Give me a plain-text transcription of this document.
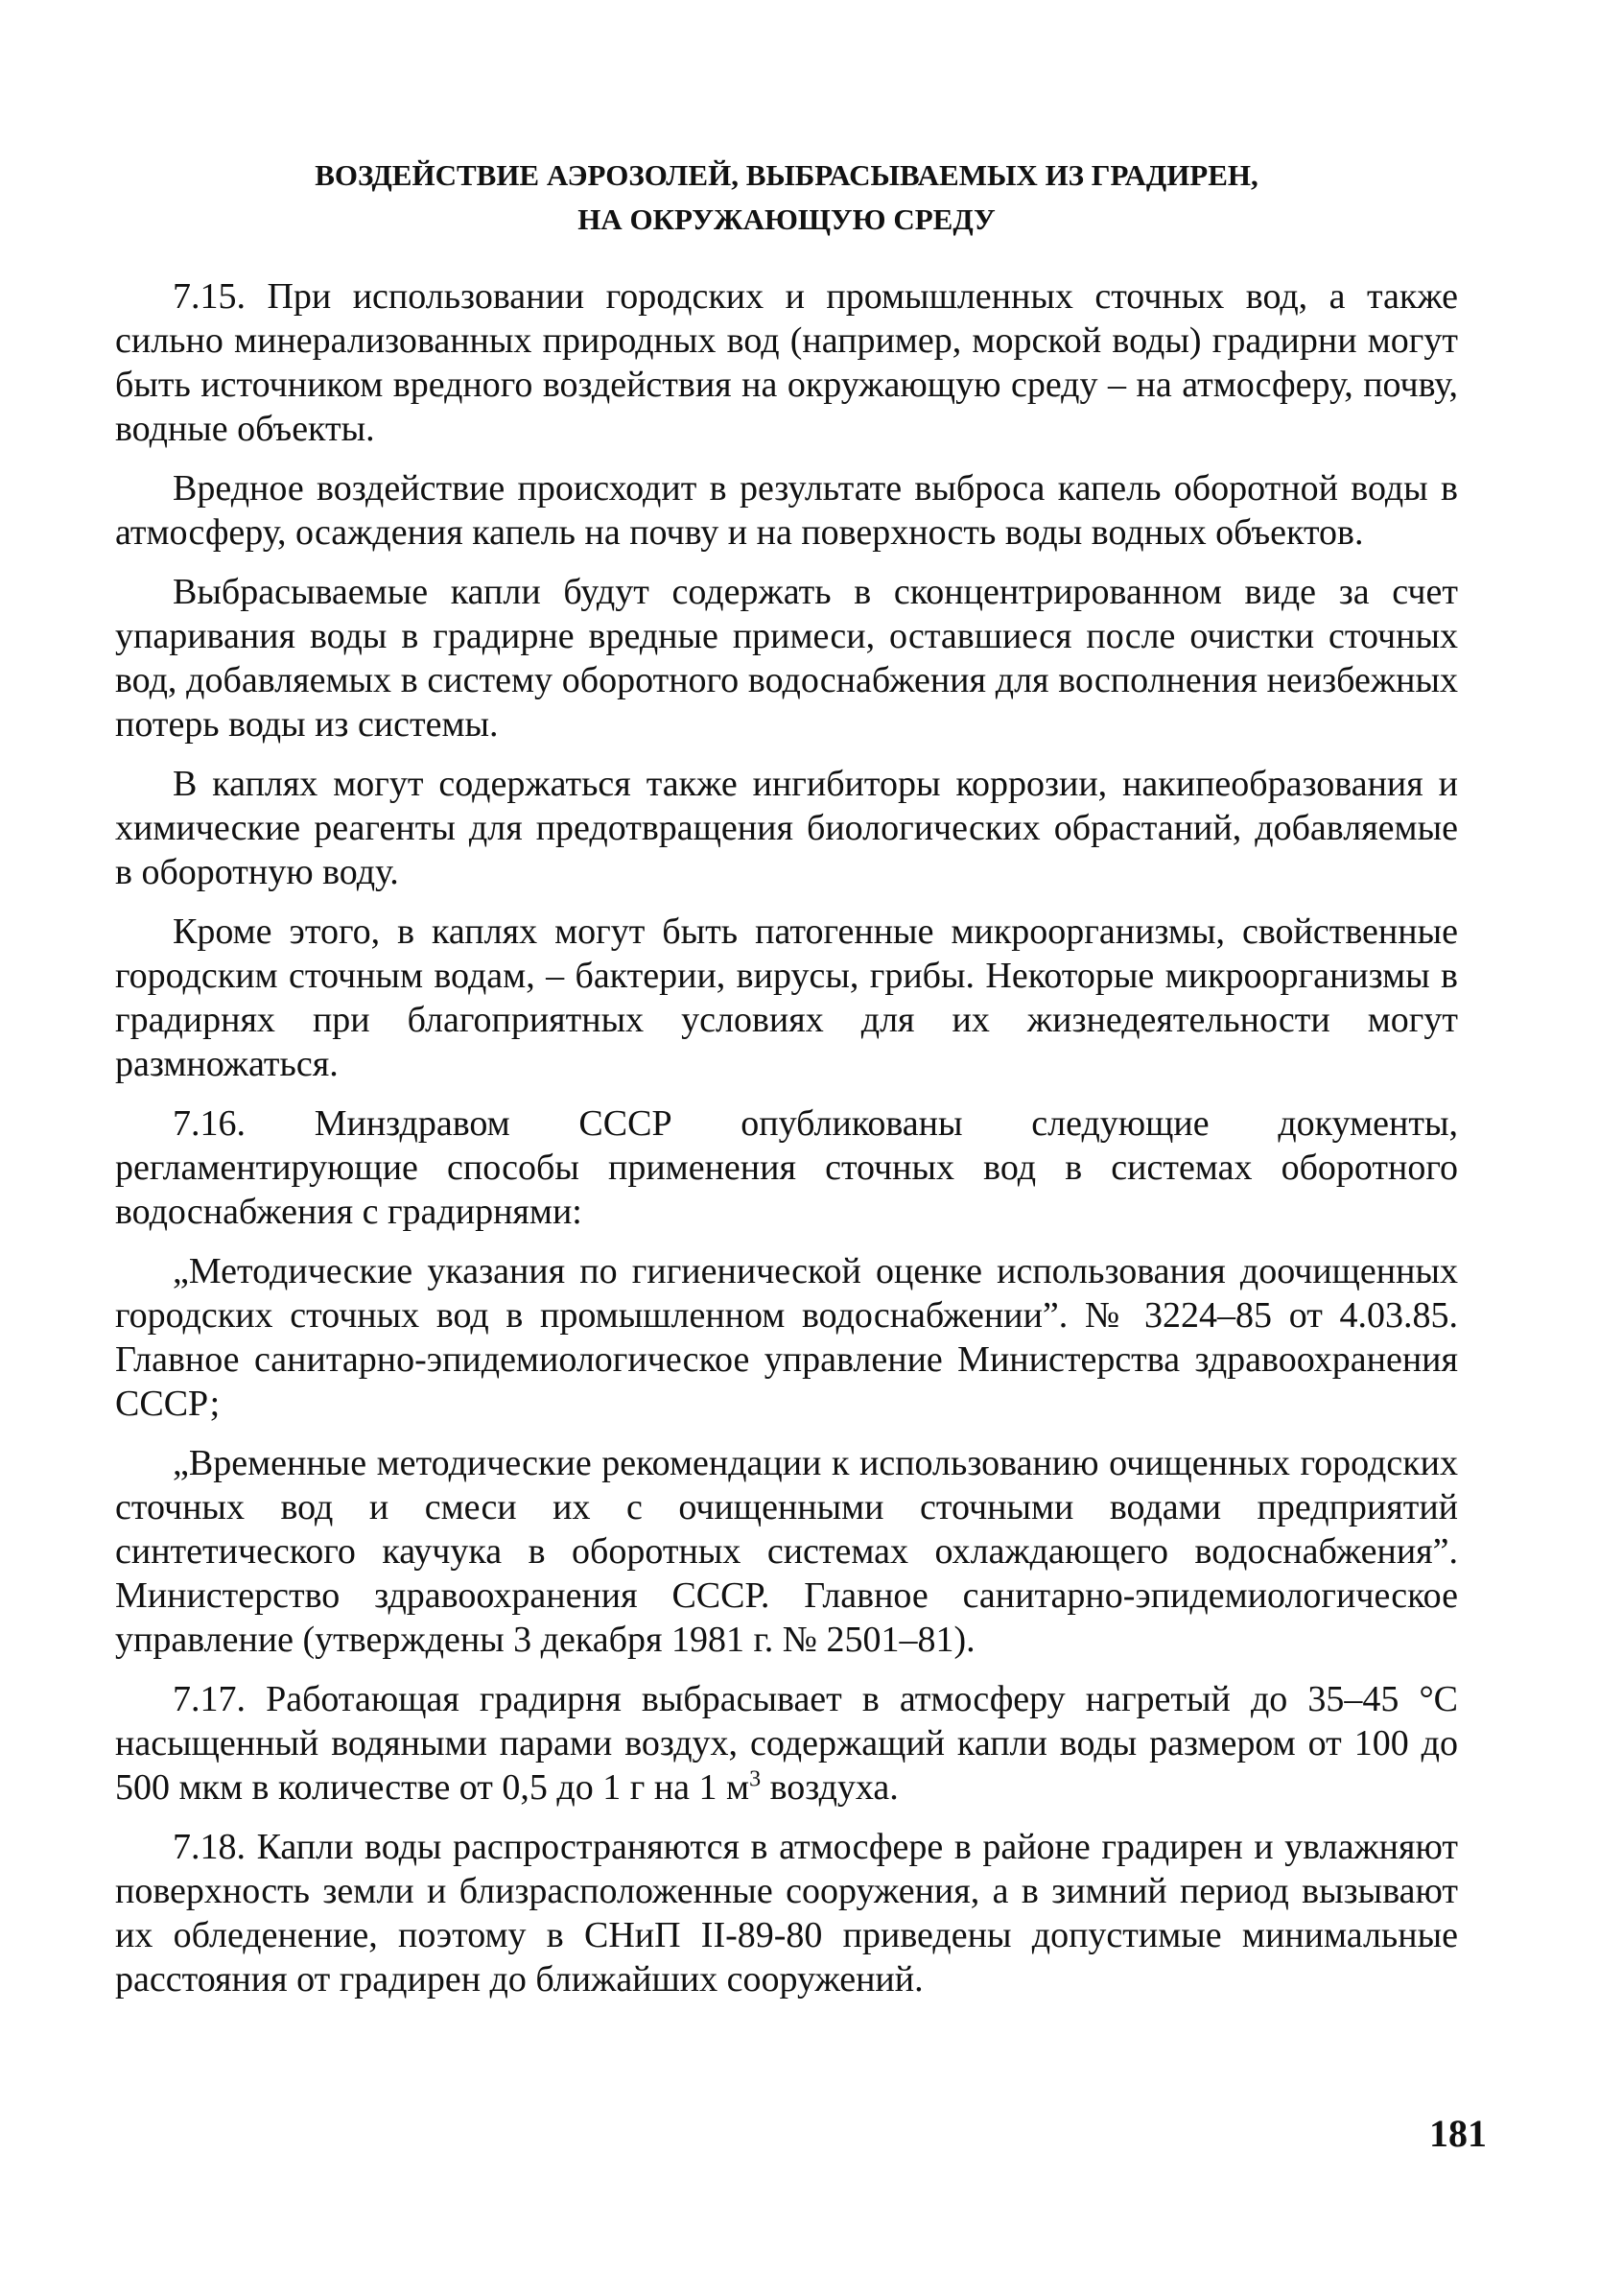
ВОЗДЕЙСТВИЕ АЭРОЗОЛЕЙ, ВЫБРАСЫВАЕМЫХ ИЗ ГРАДИРЕН,
НА ОКРУЖАЮЩУЮ СРЕДУ

7.15. При использовании городских и промышленных сточных вод, а также сильно минерализованных природных вод (например, морской воды) градирни могут быть источником вредного воздействия на окружающую среду – на атмосферу, почву, водные объекты.

Вредное воздействие происходит в результате выброса капель оборотной воды в атмосферу, осаждения капель на почву и на поверхность воды водных объектов.

Выбрасываемые капли будут содержать в сконцентрированном виде за счет упаривания воды в градирне вредные примеси, оставшиеся после очистки сточных вод, добавляемых в систему оборотного водоснабжения для восполнения неизбежных потерь воды из системы.

В каплях могут содержаться также ингибиторы коррозии, накипеобразования и химические реагенты для предотвращения биологических обрастаний, добавляемые в оборотную воду.

Кроме этого, в каплях могут быть патогенные микроорганизмы, свойственные городским сточным водам, – бактерии, вирусы, грибы. Некоторые микроорганизмы в градирнях при благоприятных условиях для их жизнедеятельности могут размножаться.

7.16. Минздравом СССР опубликованы следующие документы, регламентирующие способы применения сточных вод в системах оборотного водоснабжения с градирнями:

„Методические указания по гигиенической оценке использования доочищенных городских сточных вод в промышленном водоснабжении”. № 3224–85 от 4.03.85. Главное санитарно-эпидемиологическое управление Министерства здравоохранения СССР;

„Временные методические рекомендации к использованию очищенных городских сточных вод и смеси их с очищенными сточными водами предприятий синтетического каучука в оборотных системах охлаждающего водоснабжения”. Министерство здравоохранения СССР. Главное санитарно-эпидемиологическое управление (утверждены 3 декабря 1981 г. № 2501–81).

7.17. Работающая градирня выбрасывает в атмосферу нагретый до 35–45 °С насыщенный водяными парами воздух, содержащий капли воды размером от 100 до 500 мкм в количестве от 0,5 до 1 г на 1 $м^3$ воздуха.

7.18. Капли воды распространяются в атмосфере в районе градирен и увлажняют поверхность земли и близрасположенные сооружения, а в зимний период вызывают их обледенение, поэтому в СНиП II-89-80 приведены допустимые минимальные расстояния от градирен до ближайших сооружений.

181
